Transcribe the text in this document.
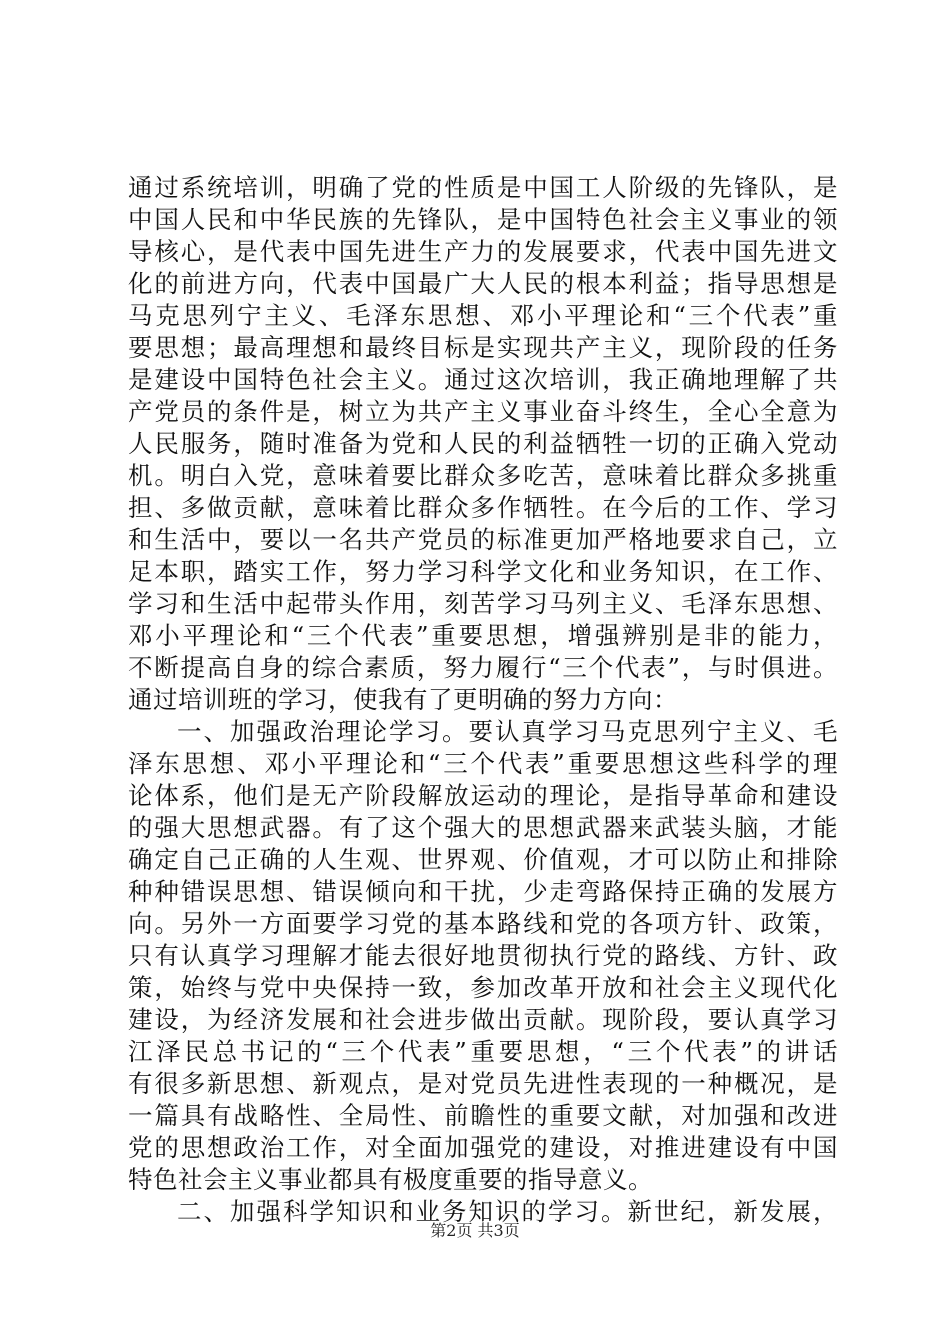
通过系统培训，明确了党的性质是中国工人阶级的先锋队，是
中国人民和中华民族的先锋队，是中国特色社会主义事业的领
导核心，是代表中国先进生产力的发展要求，代表中国先进文
化的前进方向，代表中国最广大人民的根本利益；指导思想是
马克思列宁主义、毛泽东思想、邓小平理论和“三个代表”重
要思想；最高理想和最终目标是实现共产主义，现阶段的任务
是建设中国特色社会主义。通过这次培训，我正确地理解了共
产党员的条件是，树立为共产主义事业奋斗终生，全心全意为
人民服务，随时准备为党和人民的利益牺牲一切的正确入党动
机。明白入党，意味着要比群众多吃苦，意味着比群众多挑重
担、多做贡献，意味着比群众多作牺牲。在今后的工作、学习
和生活中，要以一名共产党员的标准更加严格地要求自己，立
足本职，踏实工作，努力学习科学文化和业务知识，在工作、
学习和生活中起带头作用，刻苦学习马列主义、毛泽东思想、
邓小平理论和“三个代表”重要思想，增强辨别是非的能力，
不断提高自身的综合素质，努力履行“三个代表”，与时俱进。
通过培训班的学习，使我有了更明确的努力方向：
一、加强政治理论学习。要认真学习马克思列宁主义、毛
泽东思想、邓小平理论和“三个代表”重要思想这些科学的理
论体系，他们是无产阶段解放运动的理论，是指导革命和建设
的强大思想武器。有了这个强大的思想武器来武装头脑，才能
确定自己正确的人生观、世界观、价值观，才可以防止和排除
种种错误思想、错误倾向和干扰，少走弯路保持正确的发展方
向。另外一方面要学习党的基本路线和党的各项方针、政策，
只有认真学习理解才能去很好地贯彻执行党的路线、方针、政
策，始终与党中央保持一致，参加改革开放和社会主义现代化
建设，为经济发展和社会进步做出贡献。现阶段，要认真学习
江泽民总书记的“三个代表”重要思想，“三个代表”的讲话
有很多新思想、新观点，是对党员先进性表现的一种概况，是
一篇具有战略性、全局性、前瞻性的重要文献，对加强和改进
党的思想政治工作，对全面加强党的建设，对推进建设有中国
特色社会主义事业都具有极度重要的指导意义。
二、加强科学知识和业务知识的学习。新世纪，新发展，
第2页 共3页
